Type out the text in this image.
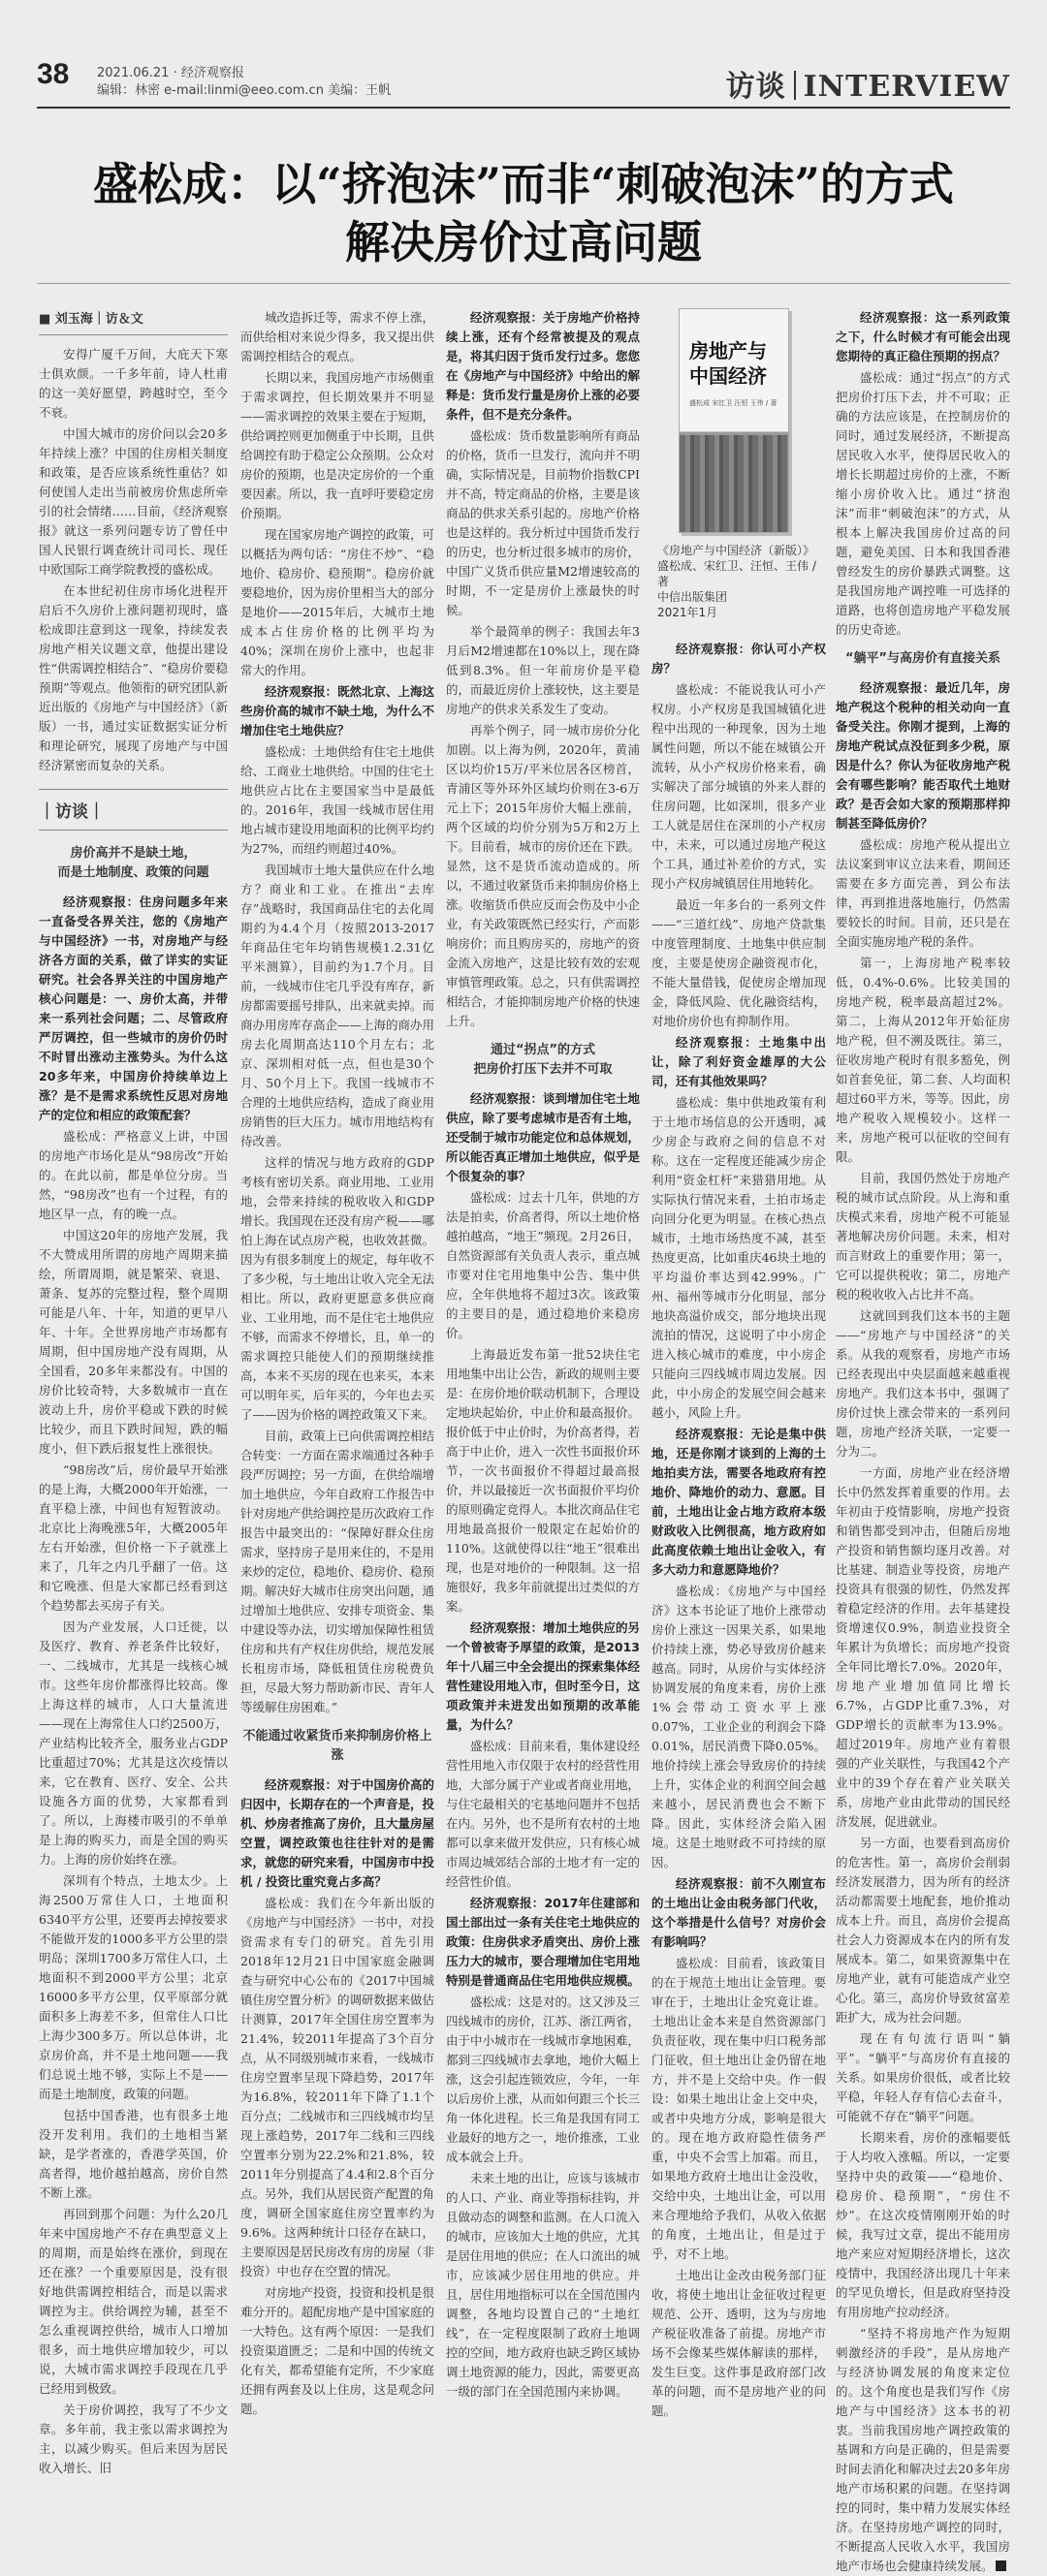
38 2021.06.21 · 经济观察报
编辑：林密 e-mail:linmi@eeo.com.cn 美编：王帆	访谈 INTERVIEW
盛松成：以“挤泡沫”而非“刺破泡沫”的方式
解决房价过高问题
■ 刘玉海｜访＆文

安得广厦千万间，大庇天下寒士俱欢颜。一千多年前，诗人杜甫的这一美好愿望，跨越时空，至今不衰。

中国大城市的房价问以会20多年持续上涨？中国的住房相关制度和政策，是否应该系统性重估？如何使国人走出当前被房价焦虑所牵引的社会情绪……目前，《经济观察报》就这一系列问题专访了曾任中国人民银行调查统计司司长、现任中欧国际工商学院教授的盛松成。

在本世纪初住房市场化进程开启后不久房价上涨问题初现时，盛松成即注意到这一现象，持续发表房地产相关议题文章，他提出建设性“供需调控相结合”、“稳房价要稳预期”等观点。他领衔的研究团队新近出版的《房地产与中国经济》（新版）一书，通过实证数据实证分析和理论研究，展现了房地产与中国经济紧密而复杂的关系。

｜访谈｜
房价高并不是缺土地，
而是土地制度、政策的问题

经济观察报：住房问题多年来一直备受各界关注，您的《房地产与中国经济》一书，对房地产与经济各方面的关系，做了详实的实证研究。社会各界关注的中国房地产核心问题是：一、房价太高，并带来一系列社会问题；二、尽管政府严厉调控，但一些城市的房价仍时不时冒出涨动主涨势头。为什么这20多年来，中国房价持续单边上涨？是不是需求系统性反思对房地产的定位和相应的政策配套？

盛松成：严格意义上讲，中国的房地产市场化是从“98房改”开始的。在此以前，都是单位分房。当然，“98房改”也有一个过程，有的地区早一点，有的晚一点。

中国这20年的房地产发展，我不大赞成用所谓的房地产周期来描绘，所谓周期，就是繁荣、衰退、萧条、复苏的完整过程，整个周期可能是八年、十年，知道的更早八年、十年。全世界房地产市场都有周期，但中国房地产没有周期，从全国看，20多年来都没有。中国的房价比较奇特，大多数城市一直在波动上升，房价平稳或下跌的时候比较少，而且下跌时间短，跌的幅度小，但下跌后报复性上涨很快。

“98房改”后，房价最早开始涨的是上海，大概2000年开始涨，一直平稳上涨，中间也有短暂波动。北京比上海晚涨5年，大概2005年左右开始涨，但价格一下子就涨上来了，几年之内几乎翻了一倍。这和它晚涨、但是大家都已经看到这个趋势都去买房子有关。

因为产业发展，人口迁徙，以及医疗、教育、养老条件比较好，一、二线城市，尤其是一线核心城市。这些年房价都涨得比较高。像上海这样的城市，人口大量流进——现在上海常住人口约2500万，产业结构比较齐全，服务业占GDP比重超过70%；尤其是这次疫情以来，它在教育、医疗、安全、公共设施各方面的优势，大家都看到了。所以，上海楼市吸引的不单单是上海的购买力，而是全国的购买力。上海的房价始终在涨。

深圳有个特点，土地太少。上海2500万常住人口，土地面积6340平方公里，还要再去掉按要求不能做开发的1000多平方公里的崇明岛；深圳1700多万常住人口，土地面积不到2000平方公里；北京16000多平方公里，仅平原部分就面积多上海差不多，但常住人口比上海少300多万。所以总体讲，北京房价高，并不是土地问题——我们总说土地不够，实际上不是——而是土地制度，政策的问题。

包括中国香港，也有很多土地没开发利用。我们的土地相当紧缺，是学者涨的，香港学英国，价高者得，地价越拍越高，房价自然不断上涨。

再回到那个问题：为什么20几年来中国房地产不存在典型意义上的周期，而是始终在涨价，到现在还在涨？一个重要原因是，没有很好地供需调控相结合，而是以需求调控为主。供给调控为辅，甚至不怎么重视调控供给，城市人口增加很多，而土地供应增加较少，可以说，大城市需求调控手段现在几乎已经用到极致。

关于房价调控，我写了不少文章。多年前，我主张以需求调控为主，以减少购买。但后来因为居民收入增长、旧

城改造拆迁等，需求不停上涨，而供给相对来说少得多，我又提出供需调控相结合的观点。

长期以来，我国房地产市场侧重于需求调控，但长期效果并不明显——需求调控的效果主要在于短期，供给调控则更加侧重于中长期，且供给调控有助于稳定公众预期。公众对房价的预期，也是决定房价的一个重要因素。所以，我一直呼吁要稳定房价预期。

现在国家房地产调控的政策，可以概括为两句话：“房住不炒”、“稳地价、稳房价、稳预期”。稳房价就要稳地价，因为房价里相当大的部分是地价——2015年后，大城市土地成本占住房价格的比例平均为40%；深圳在房价上涨中，也起非常大的作用。

经济观察报：既然北京、上海这些房价高的城市不缺土地，为什么不增加住宅土地供应？

盛松成：土地供给有住宅土地供给、工商业土地供给。中国的住宅土地供应占比在主要国家当中是最低的。2016年，我国一线城市居住用地占城市建设用地面积的比例平均约为27%，而纽约则超过40%。

我国城市土地大量供应在什么地方？商业和工业。在推出“去库存”战略时，我国商品住宅的去化周期约为4.4个月（按照2013-2017年商品住宅年均销售规模1.2.31亿平米测算），目前约为1.7个月。目前，一线城市住宅几乎没有库存，新房都需要摇号排队，出来就卖掉。而商办用房库存高企——上海的商办用房去化周期高达110个月左右；北京、深圳相对低一点，但也是30个月、50个月上下。我国一线城市不合理的土地供应结构，造成了商业用房销售的巨大压力。城市用地结构有待改善。

这样的情况与地方政府的GDP考核有密切关系。商业用地、工业用地，会带来持续的税收收入和GDP增长。我国现在还没有房产税——哪怕上海在试点房产税，也收效甚微。因为有很多制度上的规定，每年收不了多少税，与土地出让收入完全无法相比。所以，政府更愿意多供应商业、工业用地，而不是住宅土地供应不够，而需求不停增长，且，单一的需求调控只能使人们的预期继续推高，本来不买房的现在也来买，本来可以明年买，后年买的，今年也去买了——因为价格的调控政策又下来。

目前，政策上已向供需调控相结合转变：一方面在需求端通过各种手段严厉调控；另一方面，在供给端增加土地供应，今年自政府工作报告中针对房地产供给调控是历次政府工作报告中最突出的：“保障好群众住房需求，坚持房子是用来住的，不是用来炒的定位，稳地价、稳房价、稳预期。解决好大城市住房突出问题，通过增加土地供应、安排专项资金、集中建设等办法，切实增加保障性租赁住房和共有产权住房供给，规范发展长租房市场，降低租赁住房税费负担，尽最大努力帮助新市民、青年人等缓解住房困难。”

不能通过收紧货币来抑制房价格上涨

经济观察报：对于中国房价高的归因中，长期存在的一个声音是，投机、炒房者推高了房价，且大量房屋空置，调控政策也往往针对的是需求，就您的研究来看，中国房市中投机 / 投资比重究竟占多高？

盛松成：我们在今年新出版的《房地产与中国经济》一书中，对投资需求有专门的研究。首先引用2018年12月21日中国家庭金融调查与研究中心公布的《2017中国城镇住房空置分析》的调研数据来做估计测算，2017年全国住房空置率为21.4%，较2011年提高了3个百分点，从不同级别城市来看，一线城市住房空置率呈现下降趋势，2017年为16.8%，较2011年下降了1.1个百分点；二线城市和三四线城市均呈现上涨趋势，2017年二线和三四线空置率分别为22.2%和21.8%，较2011年分别提高了4.4和2.8个百分点。另外，我们从居民资产配置的角度，调研全国家庭住房空置率约为9.6%。这两种统计口径存在缺口，主要原因是居民房改有房的房屋（非投资）中也存在空置的情况。

对房地产投资，投资和投机是很难分开的。超配房地产是中国家庭的一大特色。这有两个原因：一是我们投资渠道匮乏；二是和中国的传统文化有关，都希望能有定所，不少家庭还拥有两套及以上住房，这是观念问题。

经济观察报：关于房地产价格持续上涨，还有个经常被提及的观点是，将其归因于货币发行过多。您您在《房地产与中国经济》中给出的解释是：货币发行量是房价上涨的必要条件，但不是充分条件。

盛松成：货币数量影响所有商品的价格，货币一旦发行，流向并不明确，实际情况是，目前物价指数CPI并不高，特定商品的价格，主要是该商品的供求关系引起的。房地产价格也是这样的。我分析过中国货币发行的历史，也分析过很多城市的房价，中国广义货币供应量M2增速较高的时期，不一定是房价上涨最快的时候。

举个最简单的例子：我国去年3月后M2增速都在10%以上，现在降低到8.3%。但一年前房价是平稳的，而最近房价上涨较快，这主要是房地产的供求关系发生了变动。

再举个例子，同一城市房价分化加剧。以上海为例，2020年，黄浦区以均价15万/平米位居各区榜首，青浦区等外环外区域均价则在3-6万元上下；2015年房价大幅上涨前，两个区域的均价分别为5万和2万上下。目前看，城市的房价还在下跌。显然，这不是货币流动造成的。所以，不通过收紧货币来抑制房价格上涨。收缩货币供应反而会伤及中小企业，有关政策既然已经实行，产而影响房价；而且购房买的，房地产的资金流入房地产，这是比较有效的宏观审慎管理政策。总之，只有供需调控相结合，才能抑制房地产价格的快速上升。

通过“拐点”的方式
把房价打压下去并不可取

经济观察报：谈到增加住宅土地供应，除了要考虑城市是否有土地，还受制于城市功能定位和总体规划，所以能否真正增加土地供应，似乎是个很复杂的事？

盛松成：过去十几年，供地的方法是拍卖，价高者得，所以土地价格越拍越高，“地王”频现。2月26日，自然资源部有关负责人表示，重点城市要对住宅用地集中公告、集中供应，全年供地将不超过3次。该政策的主要目的是，通过稳地价来稳房价。

上海最近发布第一批52块住宅用地集中出让公告，新政的规则主要是：在房价地价联动机制下，合理设定地块起始价，中止价和最高报价。报价低于中止价时，为价高者得，若高于中止价，进入一次性书面报价环节，一次书面报价不得超过最高报价，并以最接近一次书面报价平均价的原则确定竞得人。本批次商品住宅用地最高报价一般限定在起始价的110%。这就使得以往“地王”很难出现，也是对地价的一种限制。这一招施很好，我多年前就提出过类似的方案。

经济观察报：增加土地供应的另一个曾被寄予厚望的政策，是2013年十八届三中全会提出的探索集体经营性建设用地入市，但时至今日，这项政策并未进发出如预期的改革能量，为什么？

盛松成：目前来看，集体建设经营性用地入市仅限于农村的经营性用地，大部分属于产业或者商业用地，与住宅最相关的宅基地问题并不包括在内。另外，也不是所有农村的土地都可以拿来做开发供应，只有核心城市周边城郊结合部的土地才有一定的经营性价值。

经济观察报：2017年住建部和国土部出过一条有关住宅土地供应的政策：住房供求矛盾突出、房价上涨压力大的城市，要合理增加住宅用地特别是普通商品住宅用地供应规模。

盛松成：这是对的。这又涉及三四线城市的房价，江苏、浙江两省，由于中小城市在一线城市拿地困难，都到三四线城市去拿地，地价大幅上涨，这会引起连锁效应，今年，一年以后房价上涨，从而如何跟三个长三角一体化进程。长三角是我国有同工业最好的地方之一，地价推涨，工业成本就会上升。

未来土地的出让，应该与该城市的人口、产业、商业等指标挂钩，并且做动态的调整和监测。在人口流入的城市，应该加大土地的供应，尤其是居住用地的供应；在人口流出的城市，应该减少居住用地的供应。并且，居住用地指标可以在全国范围内调整，各地均设置自己的“土地红线”，在一定程度限制了政府土地调控的空间，地方政府也缺乏跨区域协调土地资源的能力，因此，需要更高一级的部门在全国范围内来协调。

房地产与
中国经济
盛松成 宋红卫 汪恒 王伟 / 著
《房地产与中国经济（新版）》
盛松成、宋红卫、汪恒、王伟 / 著
中信出版集团
2021年1月

经济观察报：你认可小产权房？

盛松成：不能说我认可小产权房。小产权房是我国城镇化进程中出现的一种现象，因为土地属性问题，所以不能在城镇公开流转，从小产权房价格来看，确实解决了部分城镇的外来人群的住房问题，比如深圳，很多产业工人就是居住在深圳的小产权房中，未来，可以通过房地产税这个工具，通过补差价的方式，实现小产权房城镇居住用地转化。

最近一年多台的一系列文件——“三道红线”、房地产贷款集中度管理制度、土地集中供应制度，主要是使房企融资视市化，不能大量借钱，促使房企增加现金，降低风险、优化融资结构，对地价房价也有抑制作用。

经济观察报：土地集中出让，除了利好资金雄厚的大公司，还有其他效果吗？

盛松成：集中供地政策有利于土地市场信息的公开透明，减少房企与政府之间的信息不对称。这在一定程度还能减少房企利用“资金杠杆”来猎猎用地。从实际执行情况来看，土拍市场走向回分化更为明显。在核心热点城市，土地市场热度不减，甚至热度更高，比如重庆46块土地的平均溢价率达到42.99%。广州、福州等城市分化明显，部分地块高溢价成交，部分地块出现流拍的情况，这说明了中小房企进入核心城市的难度，中小房企只能向三四线城市周边发展。因此，中小房企的发展空间会越来越小，风险上升。

经济观察报：无论是集中供地，还是你刚才谈到的上海的土地拍卖方法，需要各地政府有控地价、降地价的动力、意愿。目前，土地出让金占地方政府本级财政收入比例很高，地方政府如此高度依赖土地出让金收入，有多大动力和意愿降地价？

盛松成：《房地产与中国经济》这本书论证了地价上涨带动房价上涨这一因果关系，如果地价持续上涨，势必导致房价越来越高。同时，从房价与实体经济协调发展的角度来看，房价上涨1%会带动工资水平上涨0.07%，工业企业的利润会下降0.01%，居民消费下降0.05%。地价持续上涨会导致房价的持续上升，实体企业的利润空间会越来越小，居民消费也会不断下降。因此，实体经济会陷入困境。这是土地财政不可持续的原因。

经济观察报：前不久刚宣布的土地出让金由税务部门代收，这个举措是什么信号？对房价会有影响吗？

盛松成：目前看，该政策目的在于规范土地出让金管理。要审在于，土地出让金究竟让谁。土地出让金本来是自然资源部门负责征收，现在集中归口税务部门征收，但土地出让金仍留在地方，并不是上交给中央。作一假设：如果土地出让金上交中央，或者中央地方分成，影响是很大的。现在地方政府隐性债务严重，中央不会雪上加霜。而且，如果地方政府土地出让金没收，交给中央，土地出让金，可以用来合理地给予我们，从收入依据的角度，土地出让，但是过于乎，对不上地。

土地出让金改由税务部门征收，将使土地出让金征收过程更规范、公开、透明，这为与房地产税征收准备了前提。房地产市场不会像某些媒体解读的那样，发生巨变。这件事是政府部门改革的问题，而不是房地产业的问题。

经济观察报：这一系列政策之下，什么时候才有可能会出现您期待的真正稳住预期的拐点？

盛松成：通过“拐点”的方式把房价打压下去，并不可取；正确的方法应该是，在控制房价的同时，通过发展经济，不断提高居民收入水平，使得居民收入的增长长期超过房价的上涨，不断缩小房价收入比。通过“挤泡沫”而非“刺破泡沫”的方式，从根本上解决我国房价过高的问题，避免美国、日本和我国香港曾经发生的房价暴跌式调整。这是我国房地产调控唯一可选择的道路，也将创造房地产平稳发展的历史奇迹。

“躺平”与高房价有直接关系

经济观察报：最近几年，房地产税这个税种的相关动向一直备受关注。你刚才提到，上海的房地产税试点没征到多少税，原因是什么？你认为征收房地产税会有哪些影响？能否取代土地财政？是否会如大家的预期那样抑制甚至降低房价？

盛松成：房地产税从提出立法议案到审议立法来看，期间还需要在多方面完善，到公布法律，再到推进落地施行，仍然需要较长的时间。目前，还只是在全面实施房地产税的条件。

第一，上海房地产税率较低，0.4%-0.6%。比较美国的房地产税，税率最高超过2%。第二，上海从2012年开始征房地产税，但不溯及既往。第三，征收房地产税时有很多豁免，例如首套免征，第二套、人均面积超过60平方米，等等。因此，房地产税收入规模较小。这样一来，房地产税可以征收的空间有限。

目前，我国仍然处于房地产税的城市试点阶段。从上海和重庆模式来看，房地产税不可能显著地解决房价问题。未来，相对而言财政上的重要作用；第一，它可以提供税收；第二，房地产税的税收收入占比并不高。

这就回到我们这本书的主题——“房地产与中国经济”的关系。从我的观察看，房地产市场已经表现出中央层面越来越重视房地产。我们这本书中，强调了房价过快上涨会带来的一系列问题，房地产经济关联，一定要一分为二。

一方面，房地产业在经济增长中仍然发挥着重要的作用。去年初由于疫情影响，房地产投资和销售都受到冲击，但随后房地产投资和销售额均逐月改善。对比基建、制造业等投资，房地产投资具有很强的韧性，仍然发挥着稳定经济的作用。去年基建投资增速仅0.9%，制造业投资全年累计为负增长；而房地产投资全年同比增长7.0%。2020年，房地产业增加值同比增长6.7%，占GDP比重7.3%，对GDP增长的贡献率为13.9%。超过2019年。房地产业有着很强的产业关联性，与我国42个产业中的39个存在着产业关联关系，房地产业由此带动的国民经济发展，促进就业。

另一方面，也要看到高房价的危害性。第一，高房价会削弱经济发展潜力，因为所有的经济活动都需要土地配套，地价推动成本上升。而且，高房价会提高社会人力资源成本在内的所有发展成本。第二，如果资源集中在房地产业，就有可能造成产业空心化。第三，高房价导致贫富差距扩大，成为社会问题。

现在有句流行语叫“躺平”。“躺平”与高房价有直接的关系。如果房价很低，或者比较平稳，年轻人存有信心去奋斗，可能就不存在“躺平”问题。

长期来看，房价的涨幅要低于人均收入涨幅。所以，一定要坚持中央的政策——“稳地价、稳房价、稳预期”，“房住不炒”。在这次疫情刚刚开始的时候，我写过文章，提出不能用房地产来应对短期经济增长，这次疫情中，我国经济出现几十年来的罕见负增长，但是政府坚持没有用房地产拉动经济。

“坚持不将房地产作为短期刺激经济的手段”，是从房地产与经济协调发展的角度来定位的。这个角度也是我们写作《房地产与中国经济》这本书的初衷。当前我国房地产调控政策的基调和方向是正确的，但是需要时间去消化和解决过去20多年房地产市场积累的问题。在坚持调控的同时，集中精力发展实体经济。在坚持房地产调控的同时，不断提高人民收入水平，我国房地产市场也会健康持续发展。
